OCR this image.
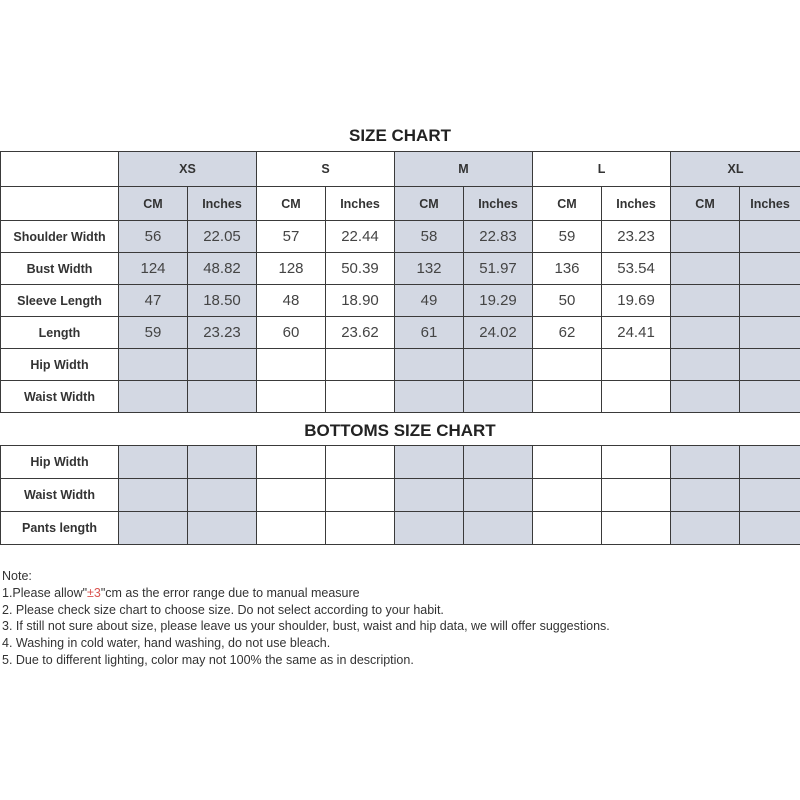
SIZE CHART
	XS		S		M		L		XL	
	CM	Inches	CM	Inches	CM	Inches	CM	Inches	CM	Inches
Shoulder Width	56	22.05	57	22.44	58	22.83	59	23.23		
Bust Width	124	48.82	128	50.39	132	51.97	136	53.54		
Sleeve Length	47	18.50	48	18.90	49	19.29	50	19.69		
Length	59	23.23	60	23.62	61	24.02	62	24.41		
Hip Width										
Waist Width										
BOTTOMS SIZE CHART
Hip Width										
Waist Width										
Pants length										
Note:
1.Please allow"±3"cm as the error range due to manual measure
2. Please check size chart to choose size. Do not select according to your habit.
3. If still not sure about size, please leave us your shoulder, bust, waist and hip data, we will offer suggestions.
4. Washing in cold water, hand washing, do not use bleach.
5. Due to different lighting, color may not 100% the same as in description.
